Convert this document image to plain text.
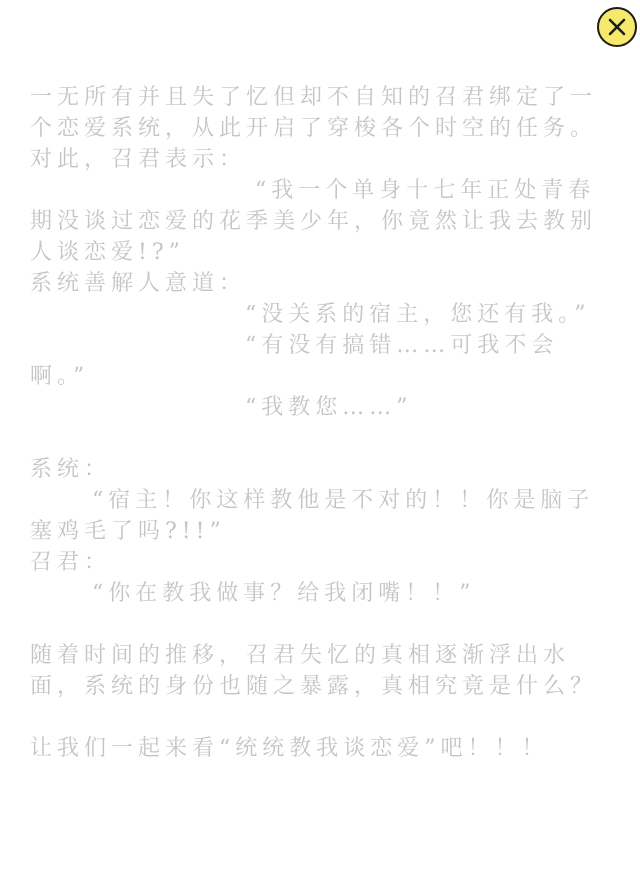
一无所有并且失了忆但却不自知的召君绑定了一个恋爱系统，从此开启了穿梭各个时空的任务。

对此，召君表示：

“我一个单身十七年正处青春期没谈过恋爱的花季美少年，你竟然让我去教别人谈恋爱!?”

系统善解人意道：

“没关系的宿主，您还有我。”

“有没有搞错……可我不会啊。”

“我教您……”

系统：

“宿主！你这样教他是不对的！！你是脑子塞鸡毛了吗?!!”

召君：

“你在教我做事？给我闭嘴！！”

随着时间的推移，召君失忆的真相逐渐浮出水面，系统的身份也随之暴露，真相究竟是什么？

让我们一起来看“统统教我谈恋爱”吧！！！
